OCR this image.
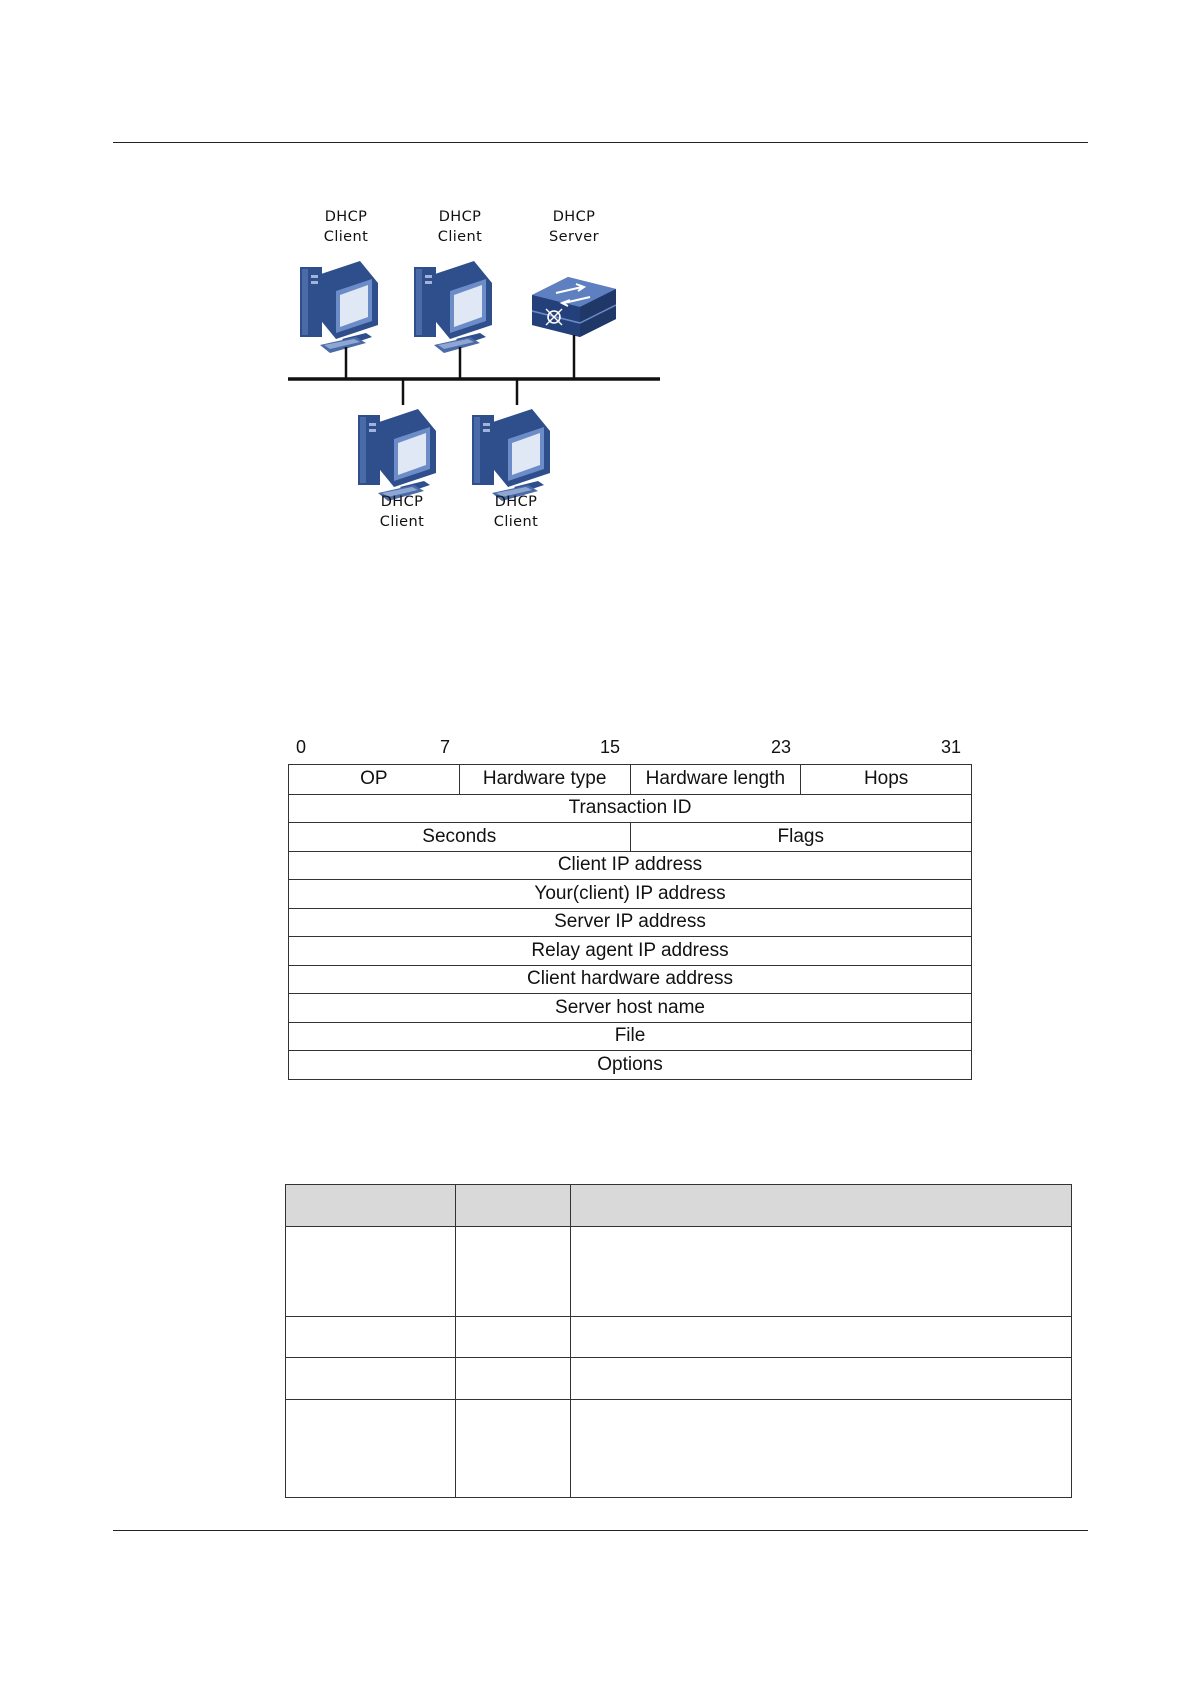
DHCP
Client
DHCP
Client
DHCP
Server
DHCP
Client
DHCP
Client
0	7	15	23	31
OP	Hardware type	Hardware length	Hops
Transaction ID
Seconds	Flags
Client IP address
Your(client) IP address
Server IP address
Relay agent IP address
Client hardware address
Server host name
File
Options
